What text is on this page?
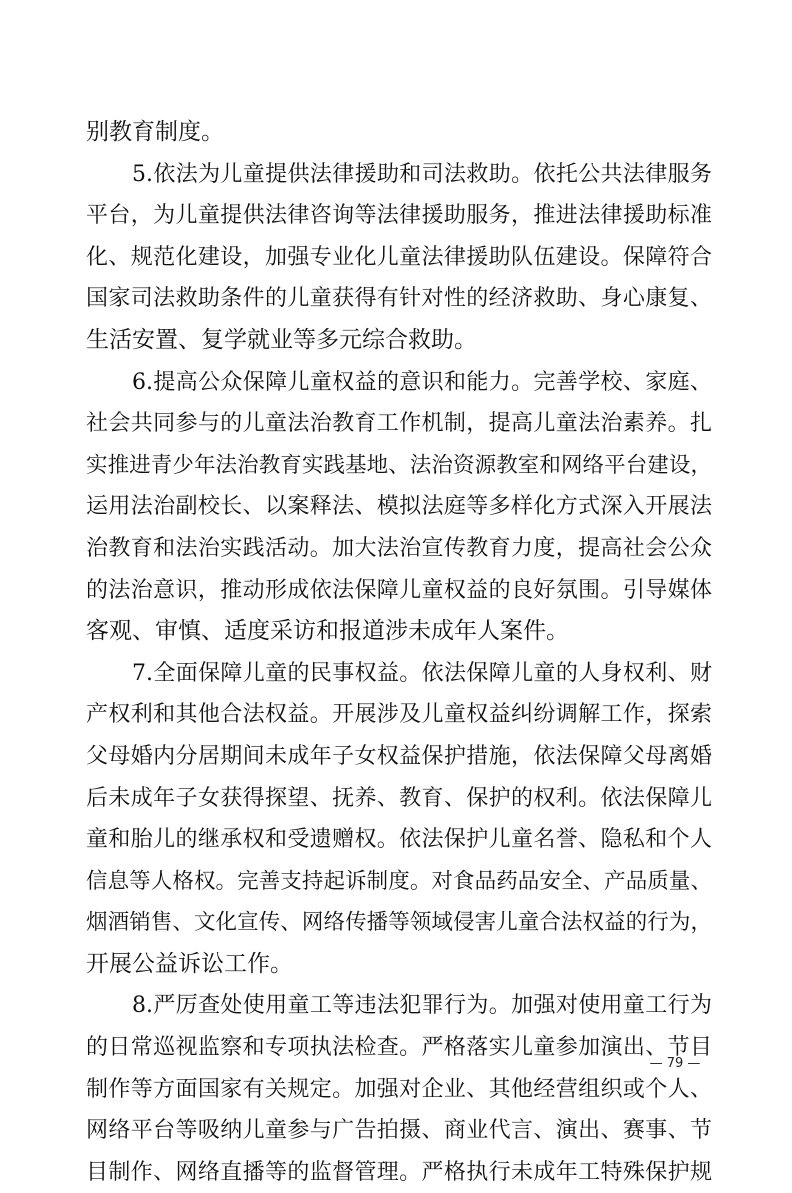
别教育制度。
5.依法为儿童提供法律援助和司法救助。依托公共法律服务
平台，为儿童提供法律咨询等法律援助服务，推进法律援助标准
化、规范化建设，加强专业化儿童法律援助队伍建设。保障符合
国家司法救助条件的儿童获得有针对性的经济救助、身心康复、
生活安置、复学就业等多元综合救助。
6.提高公众保障儿童权益的意识和能力。完善学校、家庭、
社会共同参与的儿童法治教育工作机制，提高儿童法治素养。扎
实推进青少年法治教育实践基地、法治资源教室和网络平台建设，
运用法治副校长、以案释法、模拟法庭等多样化方式深入开展法
治教育和法治实践活动。加大法治宣传教育力度，提高社会公众
的法治意识，推动形成依法保障儿童权益的良好氛围。引导媒体
客观、审慎、适度采访和报道涉未成年人案件。
7.全面保障儿童的民事权益。依法保障儿童的人身权利、财
产权利和其他合法权益。开展涉及儿童权益纠纷调解工作，探索
父母婚内分居期间未成年子女权益保护措施，依法保障父母离婚
后未成年子女获得探望、抚养、教育、保护的权利。依法保障儿
童和胎儿的继承权和受遗赠权。依法保护儿童名誉、隐私和个人
信息等人格权。完善支持起诉制度。对食品药品安全、产品质量、
烟酒销售、文化宣传、网络传播等领域侵害儿童合法权益的行为，
开展公益诉讼工作。
8.严厉查处使用童工等违法犯罪行为。加强对使用童工行为
的日常巡视监察和专项执法检查。严格落实儿童参加演出、节目
制作等方面国家有关规定。加强对企业、其他经营组织或个人、
网络平台等吸纳儿童参与广告拍摄、商业代言、演出、赛事、节
目制作、网络直播等的监督管理。严格执行未成年工特殊保护规
— 79 —
